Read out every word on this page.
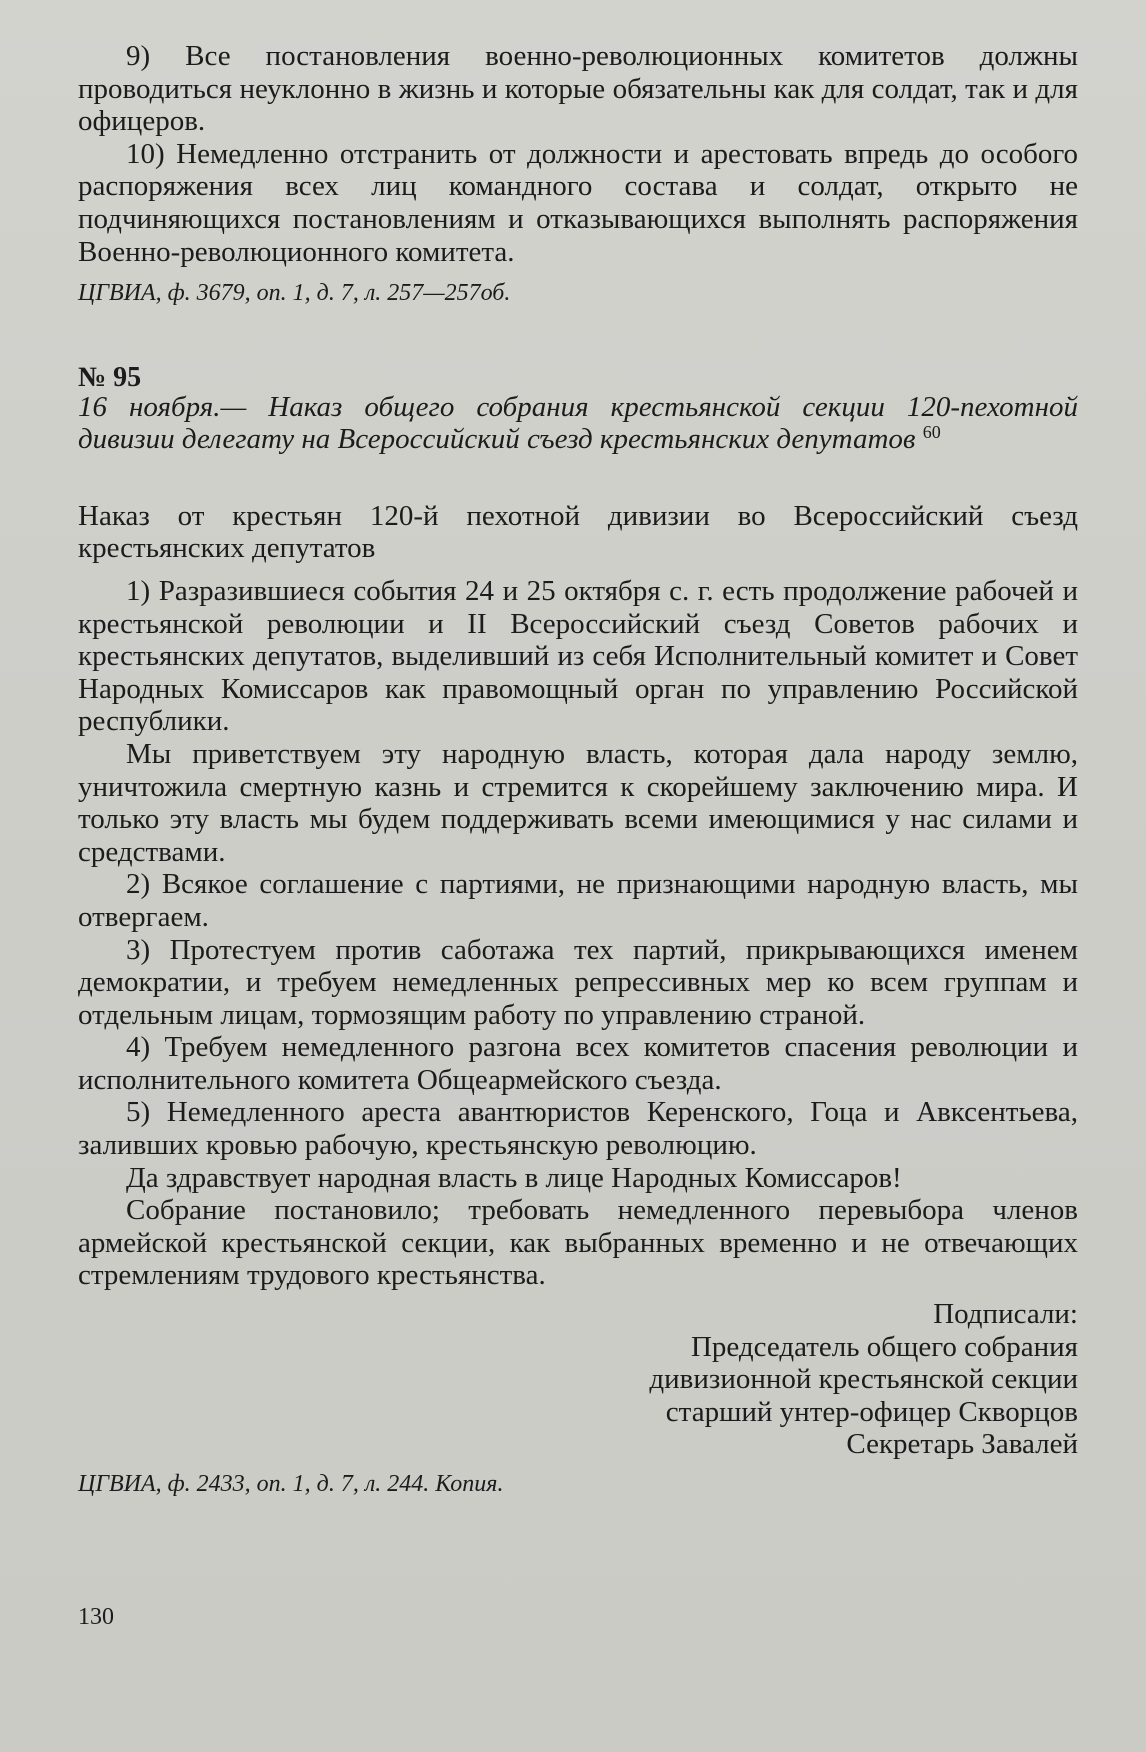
9) Все постановления военно-революционных комитетов должны проводиться неуклонно в жизнь и которые обязательны как для солдат, так и для офицеров.

10) Немедленно отстранить от должности и арестовать впредь до особого распоряжения всех лиц командного состава и солдат, открыто не подчиняющихся постановлениям и отказывающихся выполнять распоряжения Военно-революционного комитета.

ЦГВИА, ф. 3679, оп. 1, д. 7, л. 257—257об.

№ 95

16 ноября.— Наказ общего собрания крестьянской секции 120-пехотной дивизии делегату на Всероссийский съезд крестьянских депутатов $^{60}$

Наказ от крестьян 120-й пехотной дивизии во Всероссийский съезд крестьянских депутатов

1) Разразившиеся события 24 и 25 октября с. г. есть продолжение рабочей и крестьянской революции и II Всероссийский съезд Советов рабочих и крестьянских депутатов, выделивший из себя Исполнительный комитет и Совет Народных Комиссаров как правомощный орган по управлению Российской республики.

Мы приветствуем эту народную власть, которая дала народу землю, уничтожила смертную казнь и стремится к скорейшему заключению мира. И только эту власть мы будем поддерживать всеми имеющимися у нас силами и средствами.

2) Всякое соглашение с партиями, не признающими народную власть, мы отвергаем.

3) Протестуем против саботажа тех партий, прикрывающихся именем демократии, и требуем немедленных репрессивных мер ко всем группам и отдельным лицам, тормозящим работу по управлению страной.

4) Требуем немедленного разгона всех комитетов спасения революции и исполнительного комитета Общеармейского съезда.

5) Немедленного ареста авантюристов Керенского, Гоца и Авксентьева, заливших кровью рабочую, крестьянскую революцию.

Да здравствует народная власть в лице Народных Комиссаров!

Собрание постановило; требовать немедленного перевыбора членов армейской крестьянской секции, как выбранных временно и не отвечающих стремлениям трудового крестьянства.

Подписали:

Председатель общего собрания

дивизионной крестьянской секции

старший унтер-офицер Скворцов

Секретарь Завалей

ЦГВИА, ф. 2433, оп. 1, д. 7, л. 244. Копия.

130
